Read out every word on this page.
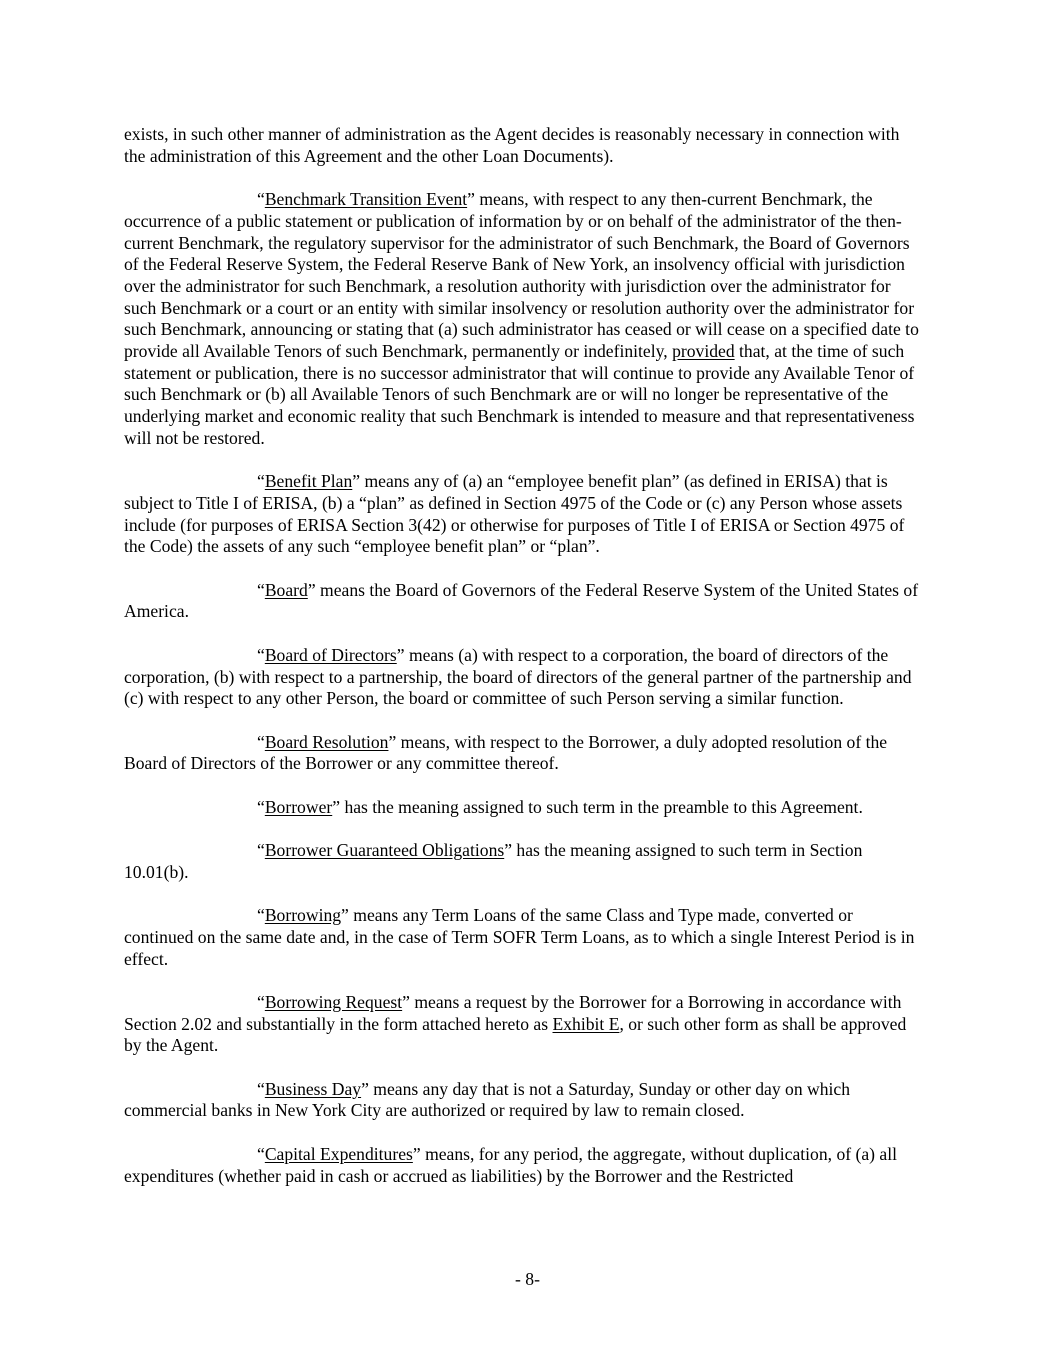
exists, in such other manner of administration as the Agent decides is reasonably necessary in connection with the administration of this Agreement and the other Loan Documents).

“Benchmark Transition Event” means, with respect to any then-current Benchmark, the occurrence of a public statement or publication of information by or on behalf of the administrator of the then-current Benchmark, the regulatory supervisor for the administrator of such Benchmark, the Board of Governors of the Federal Reserve System, the Federal Reserve Bank of New York, an insolvency official with jurisdiction over the administrator for such Benchmark, a resolution authority with jurisdiction over the administrator for such Benchmark or a court or an entity with similar insolvency or resolution authority over the administrator for such Benchmark, announcing or stating that (a) such administrator has ceased or will cease on a specified date to provide all Available Tenors of such Benchmark, permanently or indefinitely, provided that, at the time of such statement or publication, there is no successor administrator that will continue to provide any Available Tenor of such Benchmark or (b) all Available Tenors of such Benchmark are or will no longer be representative of the underlying market and economic reality that such Benchmark is intended to measure and that representativeness will not be restored.

“Benefit Plan” means any of (a) an “employee benefit plan” (as defined in ERISA) that is subject to Title I of ERISA, (b) a “plan” as defined in Section 4975 of the Code or (c) any Person whose assets include (for purposes of ERISA Section 3(42) or otherwise for purposes of Title I of ERISA or Section 4975 of the Code) the assets of any such “employee benefit plan” or “plan”.

“Board” means the Board of Governors of the Federal Reserve System of the United States of America.

“Board of Directors” means (a) with respect to a corporation, the board of directors of the corporation, (b) with respect to a partnership, the board of directors of the general partner of the partnership and (c) with respect to any other Person, the board or committee of such Person serving a similar function.

“Board Resolution” means, with respect to the Borrower, a duly adopted resolution of the Board of Directors of the Borrower or any committee thereof.

“Borrower” has the meaning assigned to such term in the preamble to this Agreement.

“Borrower Guaranteed Obligations” has the meaning assigned to such term in Section 10.01(b).

“Borrowing” means any Term Loans of the same Class and Type made, converted or continued on the same date and, in the case of Term SOFR Term Loans, as to which a single Interest Period is in effect.

“Borrowing Request” means a request by the Borrower for a Borrowing in accordance with Section 2.02 and substantially in the form attached hereto as Exhibit E, or such other form as shall be approved by the Agent.

“Business Day” means any day that is not a Saturday, Sunday or other day on which commercial banks in New York City are authorized or required by law to remain closed.

“Capital Expenditures” means, for any period, the aggregate, without duplication, of (a) all expenditures (whether paid in cash or accrued as liabilities) by the Borrower and the Restricted

- 8-
